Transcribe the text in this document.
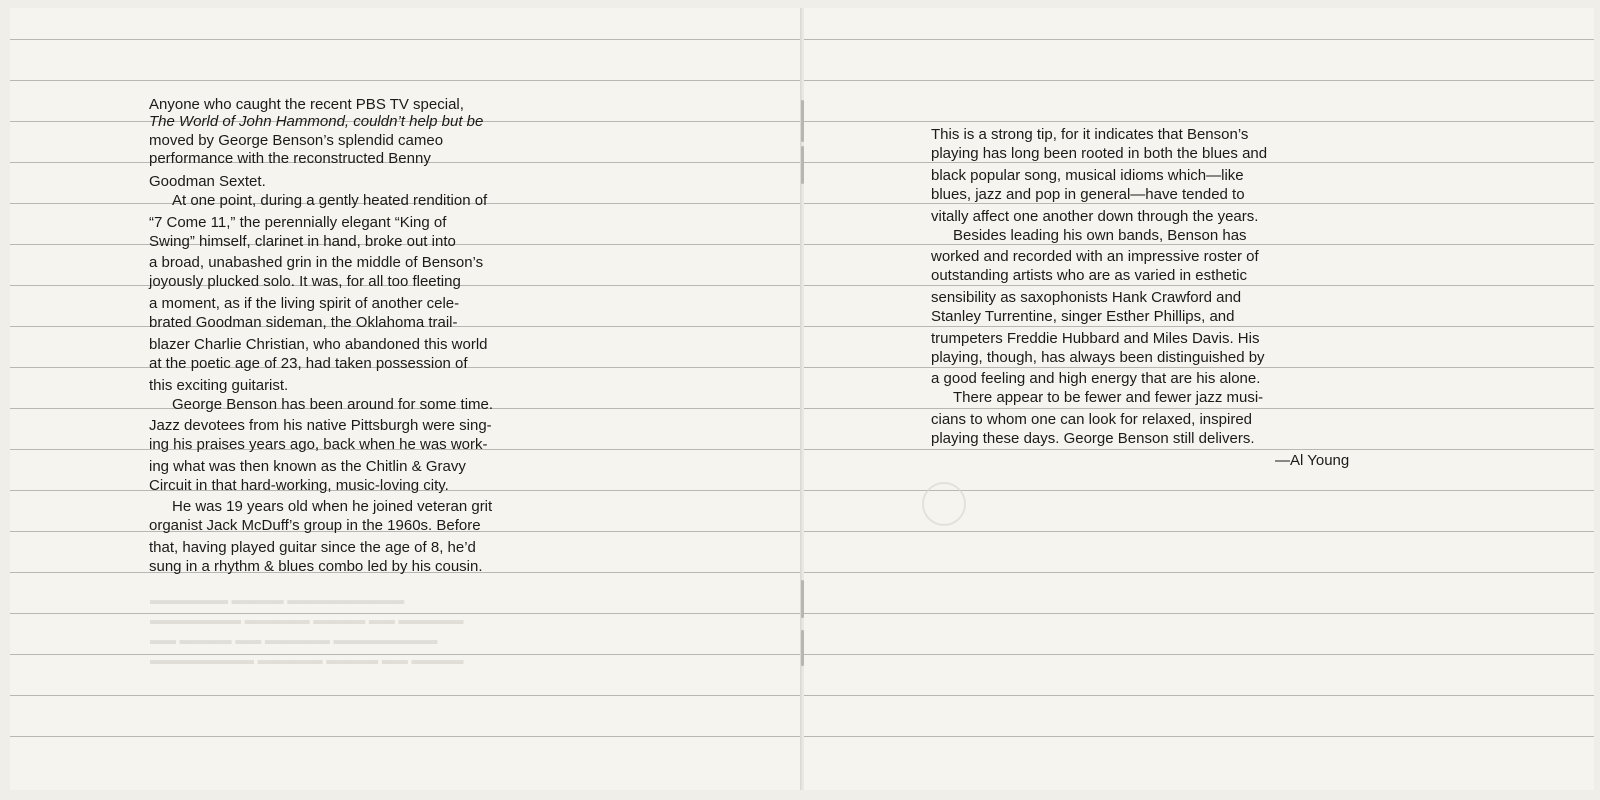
▬▬▬▬▬▬ ▬▬▬▬ ▬▬▬▬▬▬▬▬▬
▬▬▬▬▬▬▬ ▬▬▬▬▬ ▬▬▬▬ ▬▬ ▬▬▬▬▬
▬▬ ▬▬▬▬ ▬▬ ▬▬▬▬▬ ▬▬▬▬▬▬▬▬
▬▬▬▬▬▬▬▬ ▬▬▬▬▬ ▬▬▬▬ ▬▬ ▬▬▬▬
Anyone who caught the recent PBS TV special,
The World of John Hammond, couldn’t help but be
moved by George Benson’s splendid cameo
performance with the reconstructed Benny
Goodman Sextet.
At one point, during a gently heated rendition of
“7 Come 11,” the perennially elegant “King of
Swing” himself, clarinet in hand, broke out into
a broad, unabashed grin in the middle of Benson’s
joyously plucked solo. It was, for all too fleeting
a moment, as if the living spirit of another cele-
brated Goodman sideman, the Oklahoma trail-
blazer Charlie Christian, who abandoned this world
at the poetic age of 23, had taken possession of
this exciting guitarist.
George Benson has been around for some time.
Jazz devotees from his native Pittsburgh were sing-
ing his praises years ago, back when he was work-
ing what was then known as the Chitlin & Gravy
Circuit in that hard-working, music-loving city.
He was 19 years old when he joined veteran grit
organist Jack McDuff’s group in the 1960s. Before
that, having played guitar since the age of 8, he’d
sung in a rhythm & blues combo led by his cousin.
This is a strong tip, for it indicates that Benson’s
playing has long been rooted in both the blues and
black popular song, musical idioms which—like
blues, jazz and pop in general—have tended to
vitally affect one another down through the years.
Besides leading his own bands, Benson has
worked and recorded with an impressive roster of
outstanding artists who are as varied in esthetic
sensibility as saxophonists Hank Crawford and
Stanley Turrentine, singer Esther Phillips, and
trumpeters Freddie Hubbard and Miles Davis. His
playing, though, has always been distinguished by
a good feeling and high energy that are his alone.
There appear to be fewer and fewer jazz musi-
cians to whom one can look for relaxed, inspired
playing these days. George Benson still delivers.
—Al Young
